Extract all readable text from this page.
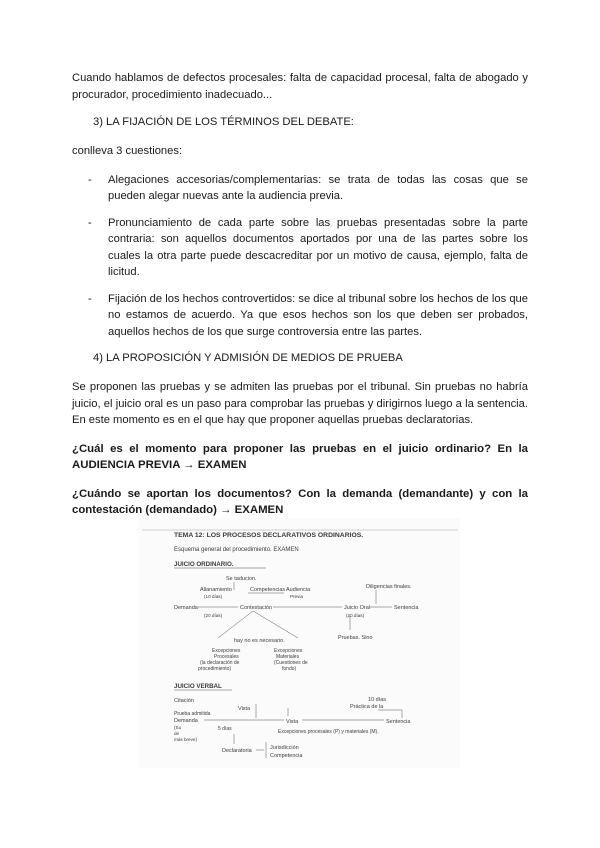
Cuando hablamos de defectos procesales: falta de capacidad procesal, falta de abogado y procurador, procedimiento inadecuado...

3) LA FIJACIÓN DE LOS TÉRMINOS DEL DEBATE:

conlleva 3 cuestiones:

- Alegaciones accesorias/complementarias: se trata de todas las cosas que se pueden alegar nuevas ante la audiencia previa.
- Pronunciamiento de cada parte sobre las pruebas presentadas sobre la parte contraria: son aquellos documentos aportados por una de las partes sobre los cuales la otra parte puede descacreditar por un motivo de causa, ejemplo, falta de licitud.
- Fijación de los hechos controvertidos: se dice al tribunal sobre los hechos de los que no estamos de acuerdo. Ya que esos hechos son los que deben ser probados, aquellos hechos de los que surge controversia entre las partes.
4) LA PROPOSICIÓN Y ADMISIÓN DE MEDIOS DE PRUEBA

Se proponen las pruebas y se admiten las pruebas por el tribunal. Sin pruebas no habría juicio, el juicio oral es un paso para comprobar las pruebas y dirigirnos luego a la sentencia. En este momento es en el que hay que proponer aquellas pruebas declaratorias.

¿Cuál es el momento para proponer las pruebas en el juicio ordinario? En la AUDIENCIA PREVIA → EXAMEN

¿Cuándo se aportan los documentos? Con la demanda (demandante) y con la contestación (demandado) → EXAMEN

TEMA 12: LOS PROCESOS DECLARATIVOS ORDINARIOS.
Esquema general del procedimiento. EXAMEN
JUICIO ORDINARIO.
Se taducion.
Allanamiento
(10 días)
Competencias Audiencia
Previa
Diligencias finales.
Demanda	Contestación
(20 días)
Juicio Oral
(20 días)
Sentencia
Pruebas. Sino
hay no es necesario.
Excepciones
Procesales
(la declaración de
procedimiento)
Excepciones
Materiales
(Cuestiones de
fondo)
JUICIO VERBAL
Citación
Vista
10 días
Práctica de la
Prueba admitida
Demanda
(Su
de
más breve)
5 días
Vista	Sentencia
Excepciones procesales (P) y materiales (M).
Declaratoria	Jurisdicción
Competencia
